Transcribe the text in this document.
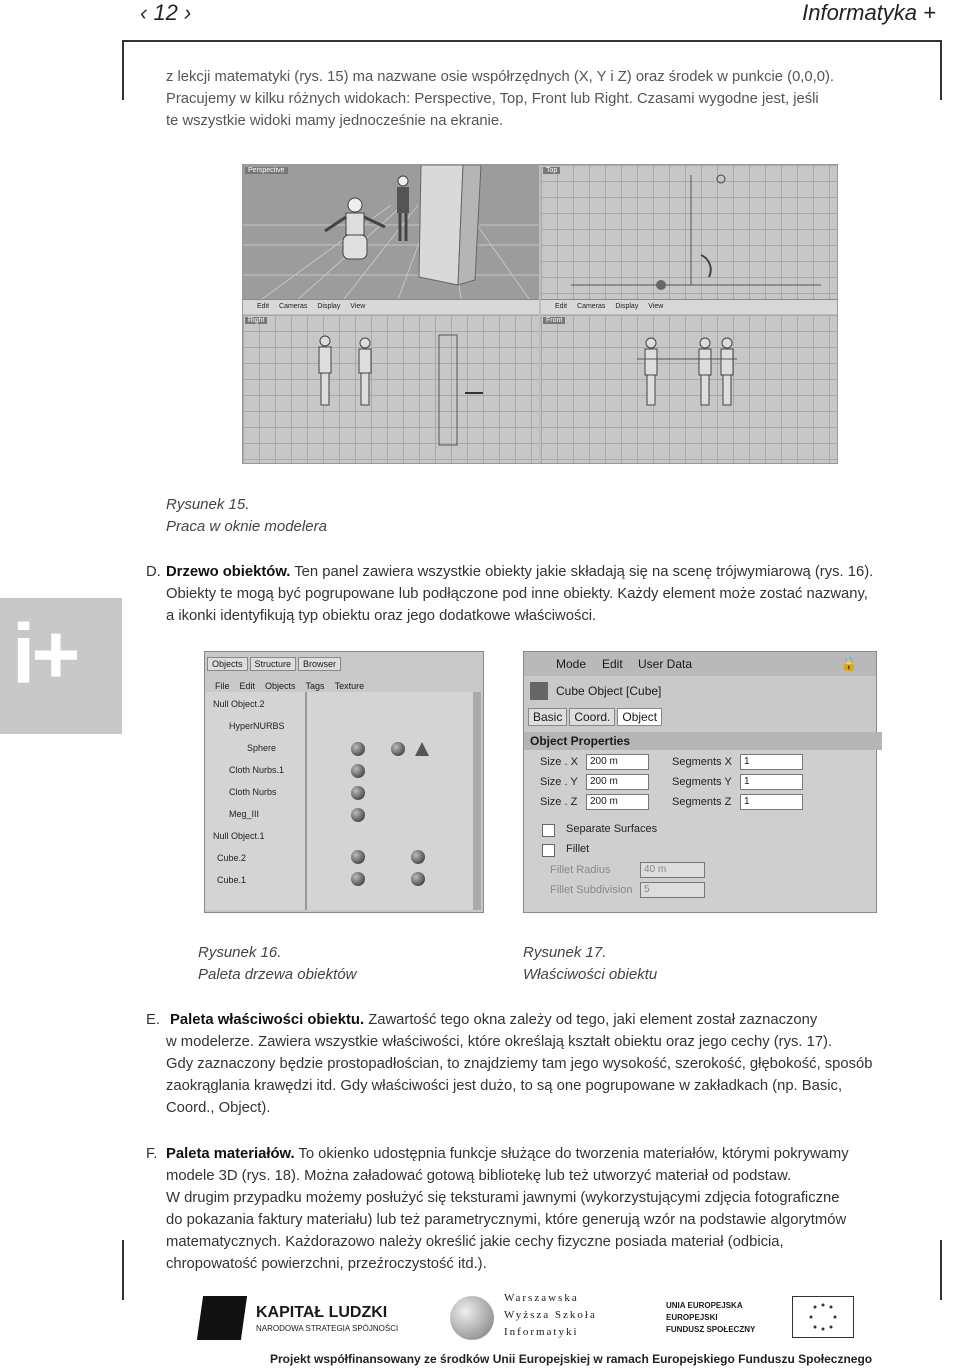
‹ 12 ›	Informatyka +
z lekcji matematyki (rys. 15) ma nazwane osie współrzędnych (X, Y i Z) oraz środek w punkcie (0,0,0).
Pracujemy w kilku różnych widokach: Perspective, Top, Front lub Right. Czasami wygodne jest, jeśli
te wszystkie widoki mamy jednocześnie na ekranie.
Perspective
Edit Cameras Display View
Top
Edit Cameras Display View
Right	Front
Rysunek 15.
Praca w oknie modelera
D. Drzewo obiektów. Ten panel zawiera wszystkie obiekty jakie składają się na scenę trójwymiarową (rys. 16).
Obiekty te mogą być pogrupowane lub podłączone pod inne obiekty. Każdy element może zostać nazwany,
a ikonki identyfikują typ obiektu oraz jego dodatkowe właściwości.
i+	Objects Structure Browser
File Edit Objects Tags Texture
Null Object.2
HyperNURBS
Sphere
Cloth Nurbs.1
Cloth Nurbs
Meg_III
Null Object.1
Cube.2
Cube.1
Mode Edit User Data	🔒
Cube Object [Cube]
Basic Coord. Object
Object Properties
Size . X	200 m
Size . Y	200 m
Size . Z	200 m
Segments X	1
Segments Y	1
Segments Z	1
Separate Surfaces
Fillet
Fillet Radius	40 m
Fillet Subdivision	5
Rysunek 16.
Paleta drzewa obiektów
Rysunek 17.
Właściwości obiektu
E. Paleta właściwości obiektu. Zawartość tego okna zależy od tego, jaki element został zaznaczony
w modelerze. Zawiera wszystkie właściwości, które określają kształt obiektu oraz jego cechy (rys. 17).
Gdy zaznaczony będzie prostopadłościan, to znajdziemy tam jego wysokość, szerokość, głębokość, sposób
zaokrąglania krawędzi itd. Gdy właściwości jest dużo, to są one pogrupowane w zakładkach (np. Basic,
Coord., Object).
F. Paleta materiałów. To okienko udostępnia funkcje służące do tworzenia materiałów, którymi pokrywamy
modele 3D (rys. 18). Można załadować gotową bibliotekę lub też utworzyć materiał od podstaw.
W drugim przypadku możemy posłużyć się teksturami jawnymi (wykorzystującymi zdjęcia fotograficzne
do pokazania faktury materiału) lub też parametrycznymi, które generują wzór na podstawie algorytmów
matematycznych. Każdorazowo należy określić jakie cechy fizyczne posiada materiał (odbicia,
chropowatość powierzchni, przeźroczystość itd.).
KAPITAŁ LUDZKI
NARODOWA STRATEGIA SPÓJNOŚCI
Warszawska
Wyższa Szkoła
Informatyki
UNIA EUROPEJSKA
EUROPEJSKI
FUNDUSZ SPOŁECZNY
Projekt współfinansowany ze środków Unii Europejskiej w ramach Europejskiego Funduszu Społecznego
